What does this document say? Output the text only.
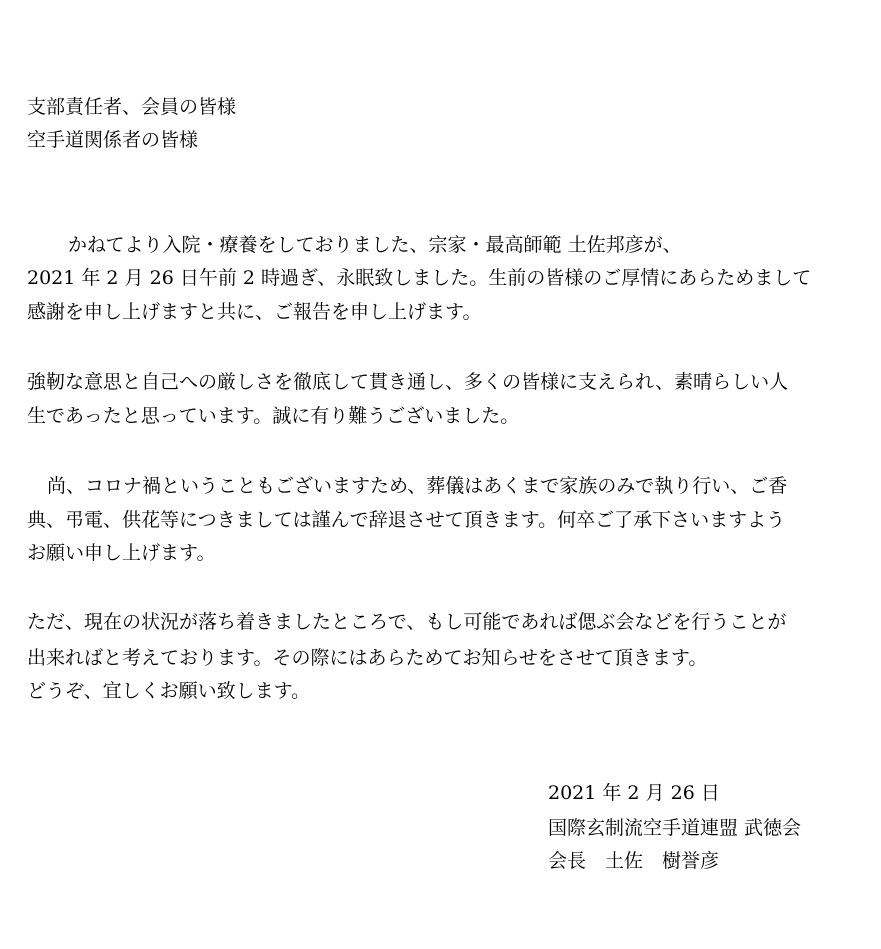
支部責任者、会員の皆様
空手道関係者の皆様
かねてより入院・療養をしておりました、宗家・最高師範 土佐邦彦が、
2021 年 2 月 26 日午前 2 時過ぎ、永眠致しました。生前の皆様のご厚情にあらためまして
感謝を申し上げますと共に、ご報告を申し上げます。
強靭な意思と自己への厳しさを徹底して貫き通し、多くの皆様に支えられ、素晴らしい人
生であったと思っています。誠に有り難うございました。
尚、コロナ禍ということもございますため、葬儀はあくまで家族のみで執り行い、ご香
典、弔電、供花等につきましては謹んで辞退させて頂きます。何卒ご了承下さいますよう
お願い申し上げます。
ただ、現在の状況が落ち着きましたところで、もし可能であれば偲ぶ会などを行うことが
出来ればと考えております。その際にはあらためてお知らせをさせて頂きます。
どうぞ、宜しくお願い致します。
2021 年 2 月 26 日
国際玄制流空手道連盟 武徳会
会長　土佐　樹誉彦
